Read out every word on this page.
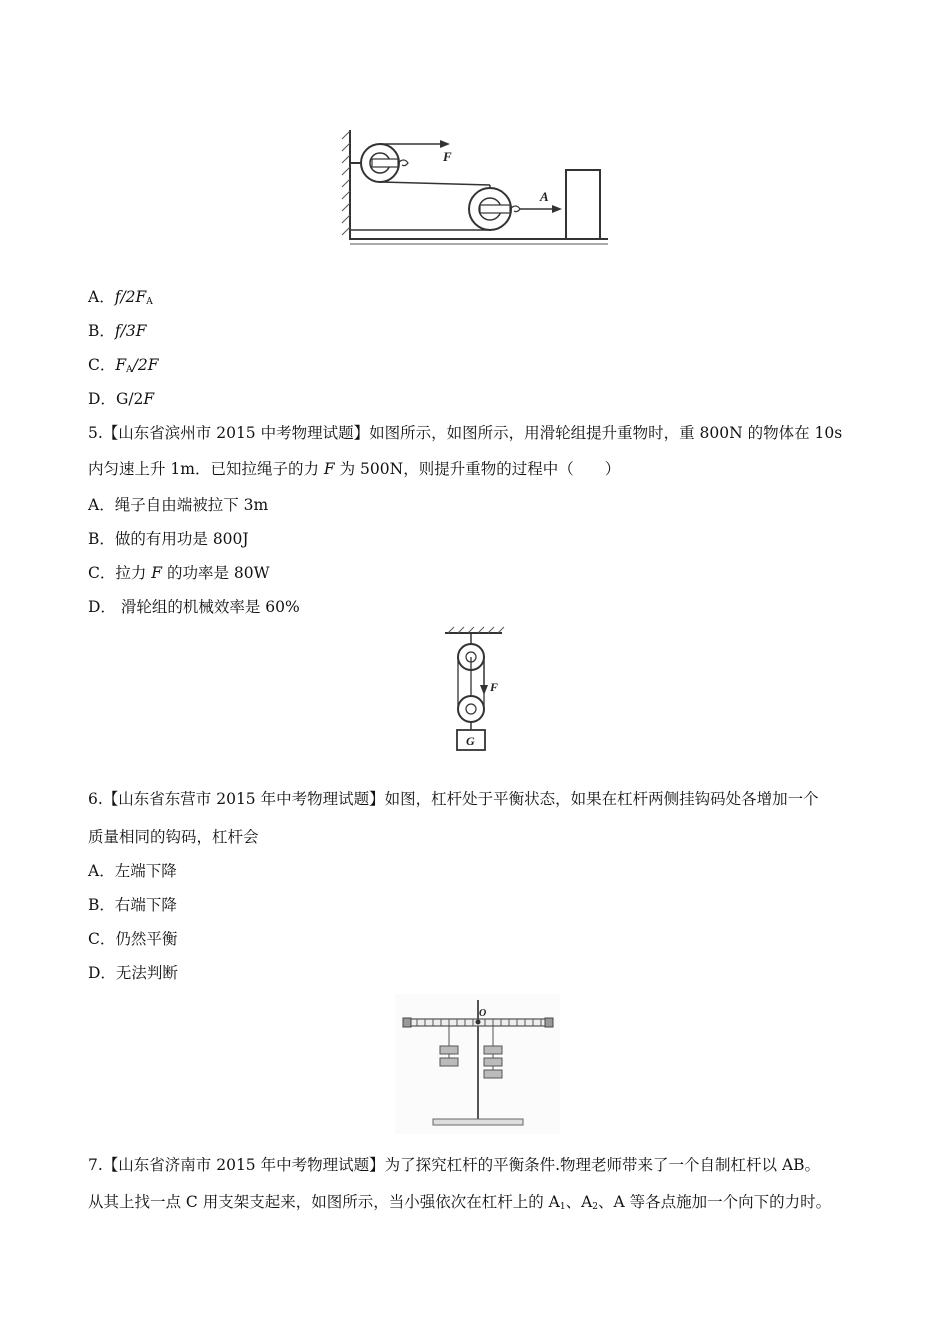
F
A
A．$f/2F_A$
B．f/3F
C．$F_A/2F$
D．G/2F
5.【山东省滨州市 2015 中考物理试题】如图所示，如图所示，用滑轮组提升重物时，重 800N 的物体在 10s
内匀速上升 1m．已知拉绳子的力 F 为 500N，则提升重物的过程中（　　）
A．绳子自由端被拉下 3m
B．做的有用功是 800J
C．拉力 F 的功率是 80W
D． 滑轮组的机械效率是 60%
G
F
6.【山东省东营市 2015 年中考物理试题】如图，杠杆处于平衡状态，如果在杠杆两侧挂钩码处各增加一个
质量相同的钩码，杠杆会
A．左端下降
B．右端下降
C．仍然平衡
D．无法判断
O
7.【山东省济南市 2015 年中考物理试题】为了探究杠杆的平衡条件.物理老师带来了一个自制杠杆以 AB。
从其上找一点 C 用支架支起来，如图所示，当小强依次在杠杆上的 $A_1$、$A_2$、A 等各点施加一个向下的力时。
